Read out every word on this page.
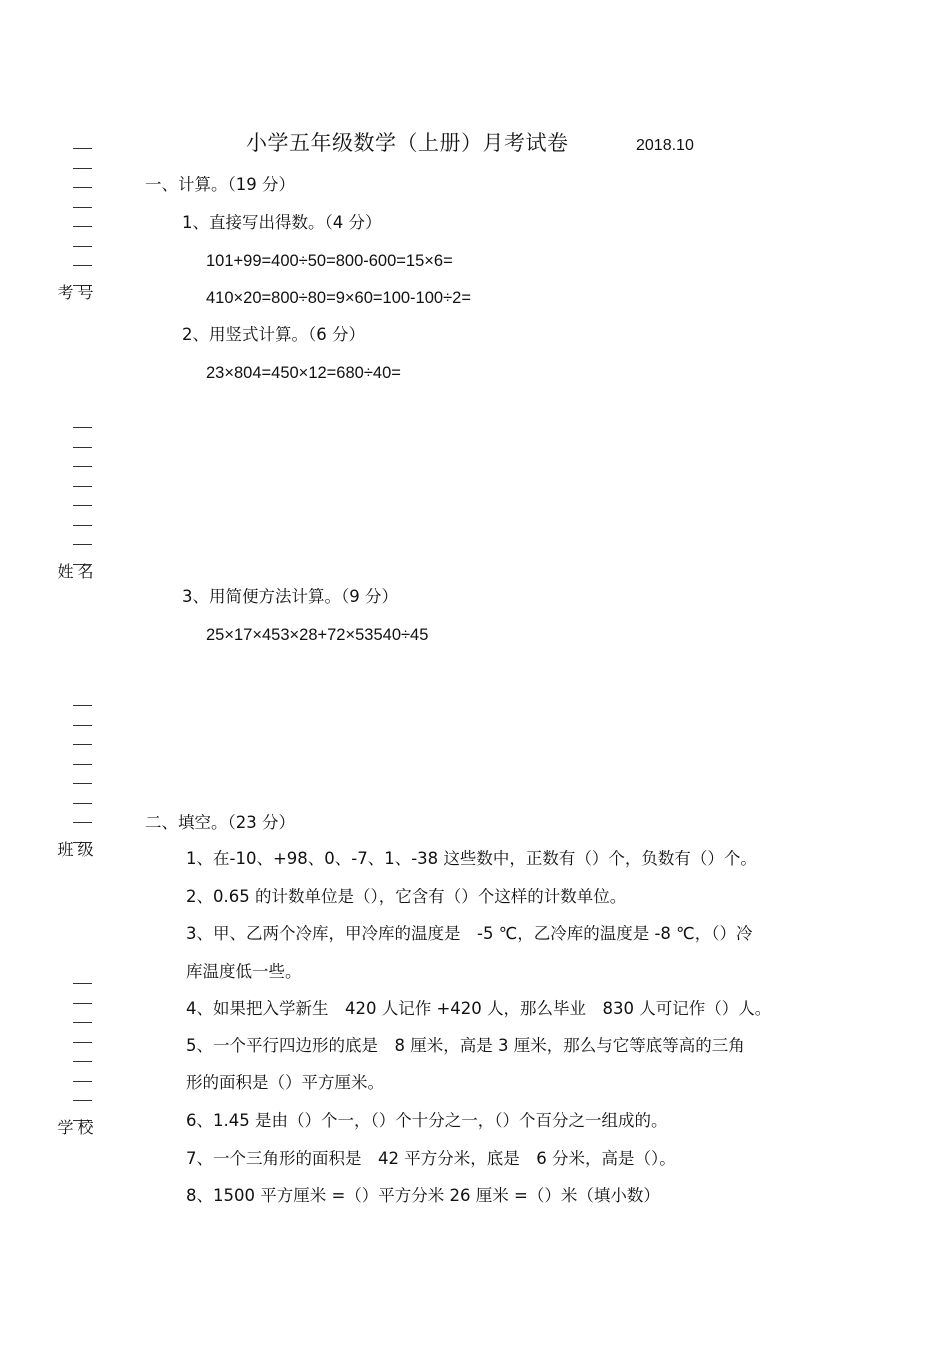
号
考
名
姓
级
班
校
学
小学五年级数学（上册）月考试卷	2018.10
一、计算。（19 分）
1、直接写出得数。（4 分）
101+99=400÷50=800-600=15×6=
410×20=800÷80=9×60=100-100÷2=
2、用竖式计算。（6 分）
23×804=450×12=680÷40=
3、用简便方法计算。（9 分）
25×17×453×28+72×53540÷45
二、填空。（23 分）
1、在-10、+98、0、-7、1、-38 这些数中，正数有（）个，负数有（）个。
2、0.65 的计数单位是（），它含有（）个这样的计数单位。
3、甲、乙两个冷库，甲冷库的温度是　-5 ℃，乙冷库的温度是 -8 ℃，（）冷
库温度低一些。
4、如果把入学新生　420 人记作 +420 人，那么毕业　830 人可记作（）人。
5、一个平行四边形的底是　8 厘米，高是 3 厘米，那么与它等底等高的三角
形的面积是（）平方厘米。
6、1.45 是由（）个一，（）个十分之一，（）个百分之一组成的。
7、一个三角形的面积是　42 平方分米，底是　6 分米，高是（）。
8、1500 平方厘米 =（）平方分米 26 厘米 =（）米（填小数）
